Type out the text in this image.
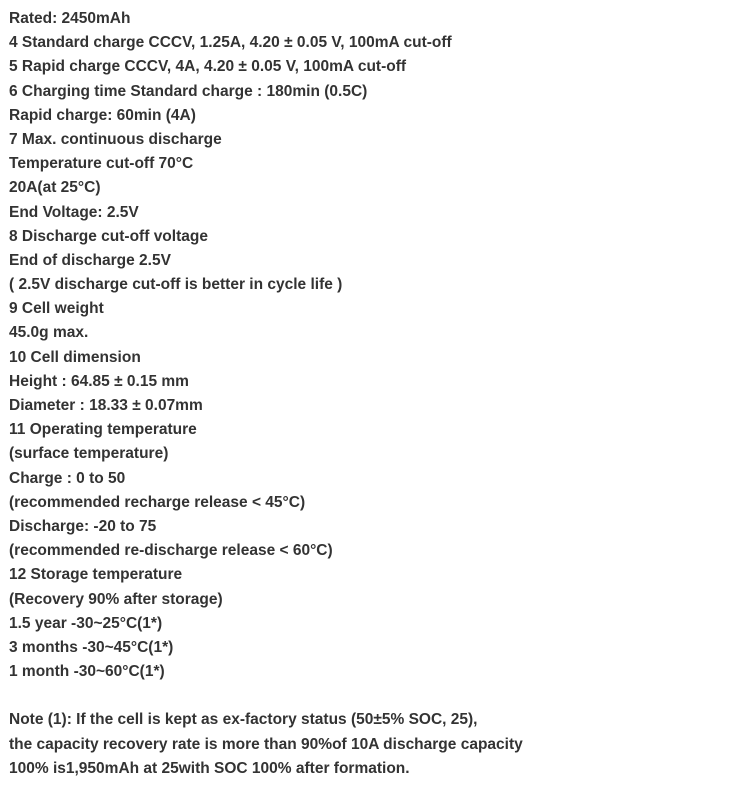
Rated: 2450mAh
4 Standard charge CCCV, 1.25A, 4.20 ± 0.05 V, 100mA cut-off
5 Rapid charge CCCV, 4A, 4.20 ± 0.05 V, 100mA cut-off
6 Charging time Standard charge : 180min (0.5C)
Rapid charge: 60min (4A)
7 Max. continuous discharge
Temperature cut-off 70°C
20A(at 25°C)
End Voltage: 2.5V
8 Discharge cut-off voltage
End of discharge 2.5V
( 2.5V discharge cut-off is better in cycle life )
9 Cell weight
45.0g max.
10 Cell dimension
Height : 64.85 ± 0.15 mm
Diameter : 18.33 ± 0.07mm
11 Operating temperature
(surface temperature)
Charge : 0 to 50
(recommended recharge release < 45°C)
Discharge: -20 to 75
(recommended re-discharge release < 60°C)
12 Storage temperature
(Recovery 90% after storage)
1.5 year -30~25°C(1*)
3 months -30~45°C(1*)
1 month -30~60°C(1*)
Note (1): If the cell is kept as ex-factory status (50±5% SOC, 25),
the capacity recovery rate is more than 90%of 10A discharge capacity
100% is1,950mAh at 25with SOC 100% after formation.
